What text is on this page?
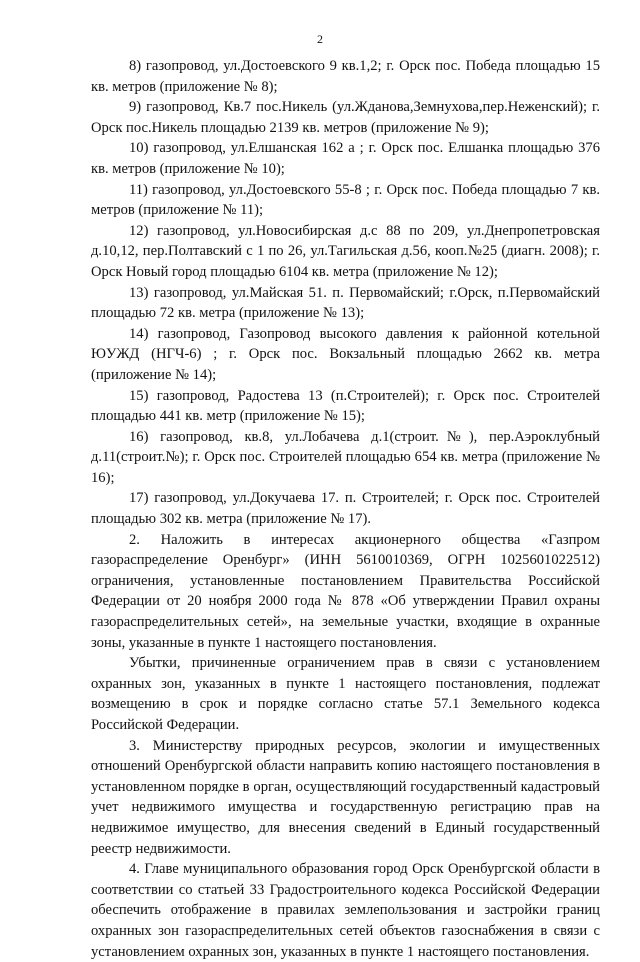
2

8) газопровод, ул.Достоевского 9 кв.1,2; г. Орск пос. Победа площадью 15 кв. метров (приложение № 8);

9) газопровод, Кв.7 пос.Никель (ул.Жданова,Земнухова,пер.Неженский); г. Орск пос.Никель площадью 2139 кв. метров (приложение № 9);

10) газопровод, ул.Елшанская 162 а ; г. Орск пос. Елшанка площадью 376 кв. метров (приложение № 10);

11) газопровод, ул.Достоевского 55-8 ; г. Орск пос. Победа площадью 7 кв. метров (приложение № 11);

12) газопровод, ул.Новосибирская д.с 88 по 209, ул.Днепропетровская д.10,12, пер.Полтавский с 1 по 26, ул.Тагильская д.56, кооп.№25 (диагн. 2008); г. Орск Новый город площадью 6104 кв. метра (приложение № 12);

13) газопровод, ул.Майская 51. п. Первомайский; г.Орск, п.Первомайский площадью 72 кв. метра (приложение № 13);

14) газопровод, Газопровод высокого давления к районной котельной ЮУЖД (НГЧ-6) ; г. Орск пос. Вокзальный площадью 2662 кв. метра (приложение № 14);

15) газопровод, Радостева 13 (п.Строителей); г. Орск пос. Строителей площадью 441 кв. метр (приложение № 15);

16) газопровод, кв.8, ул.Лобачева д.1(строит.№), пер.Аэроклубный д.11(строит.№); г. Орск пос. Строителей площадью 654 кв. метра (приложение № 16);

17) газопровод, ул.Докучаева 17. п. Строителей; г. Орск пос. Строителей площадью 302 кв. метра (приложение № 17).

2. Наложить в интересах акционерного общества «Газпром газораспределение Оренбург» (ИНН 5610010369, ОГРН 1025601022512) ограничения, установленные постановлением Правительства Российской Федерации от 20 ноября 2000 года № 878 «Об утверждении Правил охраны газораспределительных сетей», на земельные участки, входящие в охранные зоны, указанные в пункте 1 настоящего постановления.

Убытки, причиненные ограничением прав в связи с установлением охранных зон, указанных в пункте 1 настоящего постановления, подлежат возмещению в срок и порядке согласно статье 57.1 Земельного кодекса Российской Федерации.

3. Министерству природных ресурсов, экологии и имущественных отношений Оренбургской области направить копию настоящего постановления в установленном порядке в орган, осуществляющий государственный кадастровый учет недвижимого имущества и государственную регистрацию прав на недвижимое имущество, для внесения сведений в Единый государственный реестр недвижимости.

4. Главе муниципального образования город Орск Оренбургской области в соответствии со статьей 33 Градостроительного кодекса Российской Федерации обеспечить отображение в правилах землепользования и застройки границ охранных зон газораспределительных сетей объектов газоснабжения в связи с установлением охранных зон, указанных в пункте 1 настоящего постановления.
